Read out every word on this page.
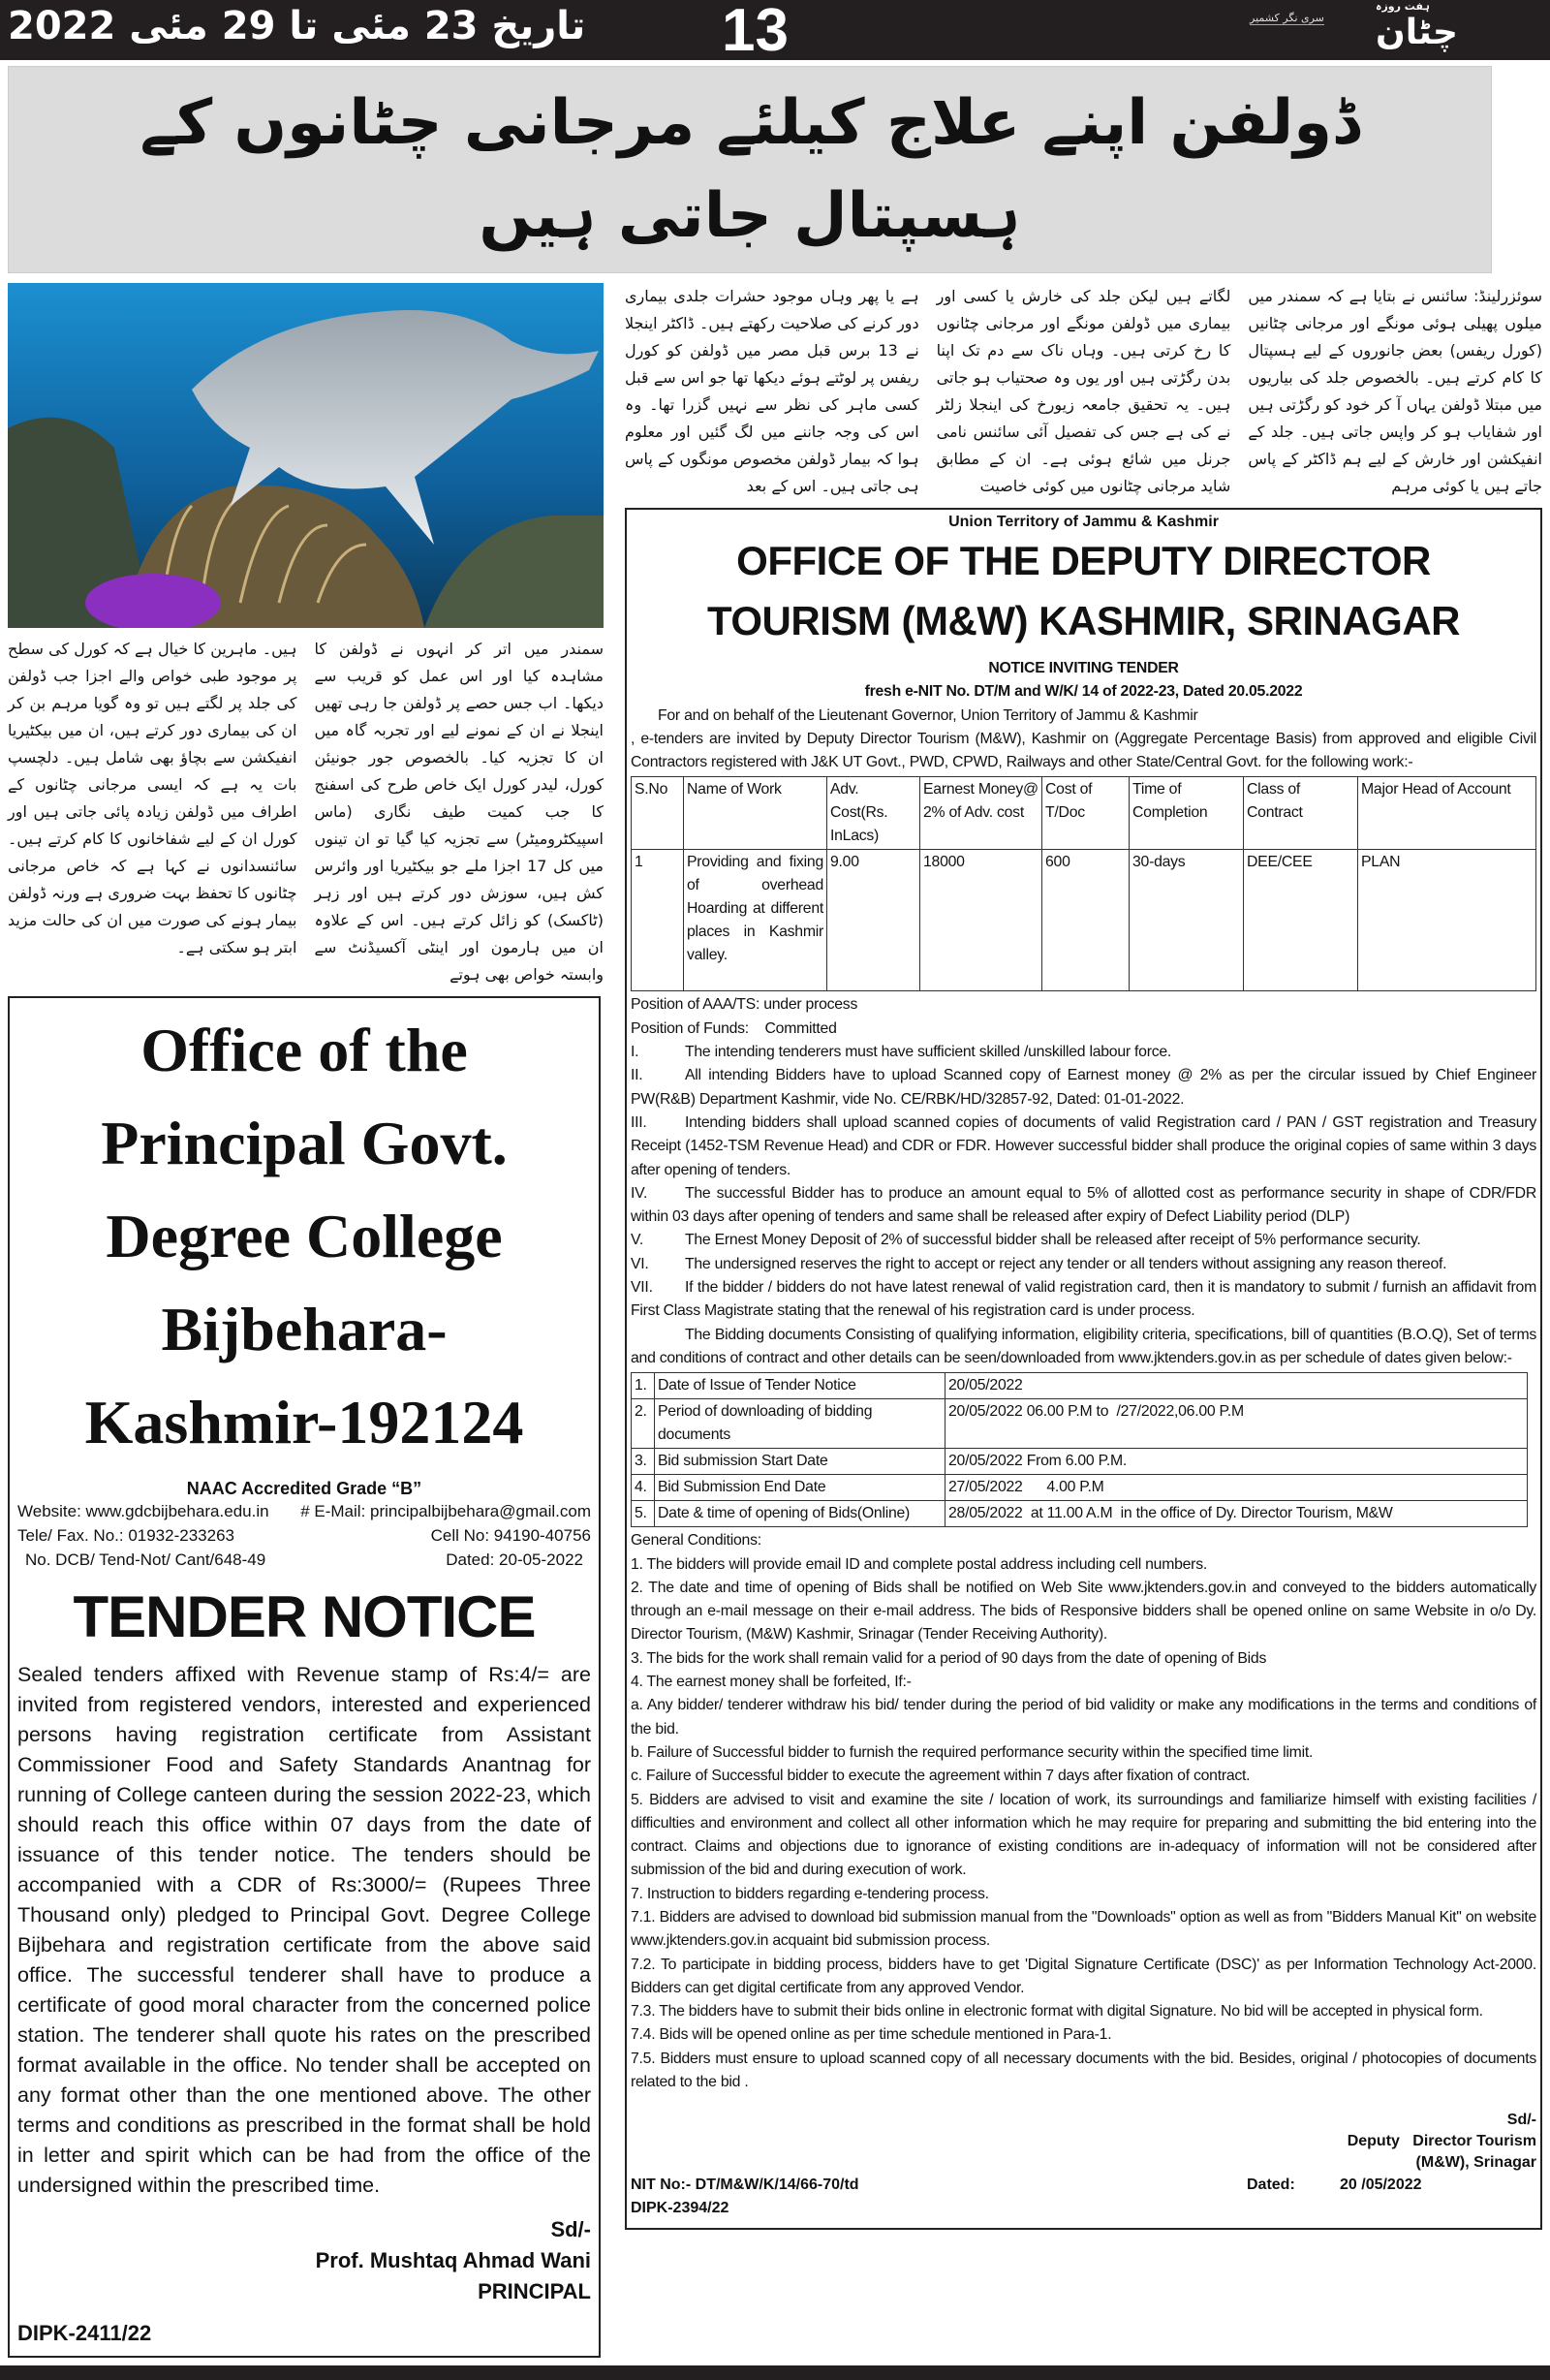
تاریخ 23 مئی تا 29 مئی 2022	13	سری نگر کشمیر
ہفت روزہ
چٹان
ڈولفن اپنے علاج کیلئے مرجانی چٹانوں کے ہسپتال جاتی ہیں
سمندر میں اتر کر انہوں نے ڈولفن کا مشاہدہ کیا اور اس عمل کو قریب سے دیکھا۔ اب جس حصے پر ڈولفن جا رہی تھیں اینجلا نے ان کے نمونے لیے اور تجربہ گاہ میں ان کا تجزیہ کیا۔ بالخصوص جور جونیئن کورل، لیدر کورل ایک خاص طرح کی اسفنج کا جب کمیت طیف نگاری (ماس اسپیکٹرومیٹر) سے تجزیہ کیا گیا تو ان تینوں میں کل 17 اجزا ملے جو بیکٹیریا اور وائرس کش ہیں، سوزش دور کرتے ہیں اور زہر (ٹاکسک) کو زائل کرتے ہیں۔ اس کے علاوہ ان میں ہارمون اور اینٹی آکسیڈنٹ سے وابستہ خواص بھی ہوتے
ہیں۔ ماہرین کا خیال ہے کہ کورل کی سطح پر موجود طبی خواص والے اجزا جب ڈولفن کی جلد پر لگتے ہیں تو وہ گویا مرہم بن کر ان کی بیماری دور کرتے ہیں، ان میں بیکٹیریا انفیکشن سے بچاؤ بھی شامل ہیں۔ دلچسپ بات یہ ہے کہ ایسی مرجانی چٹانوں کے اطراف میں ڈولفن زیادہ پائی جاتی ہیں اور کورل ان کے لیے شفاخانوں کا کام کرتے ہیں۔ سائنسدانوں نے کہا ہے کہ خاص مرجانی چٹانوں کا تحفظ بہت ضروری ہے ورنہ ڈولفن بیمار ہونے کی صورت میں ان کی حالت مزید ابتر ہو سکتی ہے۔
Office of the
Principal Govt.
Degree College
Bijbehara-
Kashmir-192124
NAAC Accredited Grade “B”
Website: www.gdcbijbehara.edu.in # E-Mail: principalbijbehara@gmail.com
Tele/ Fax. No.: 01932-233263	Cell No: 94190-40756
No. DCB/ Tend-Not/ Cant/648-49	Dated: 20-05-2022
TENDER NOTICE
Sealed tenders affixed with Revenue stamp of Rs:4/= are invited from registered vendors, interested and experienced persons having registration certificate from Assistant Commissioner Food and Safety Standards Anantnag for running of College canteen during the session 2022-23, which should reach this office within 07 days from the date of issuance of this tender notice. The tenders should be accompanied with a CDR of Rs:3000/= (Rupees Three Thousand only) pledged to Principal Govt. Degree College Bijbehara and registration certificate from the above said office. The successful tenderer shall have to produce a certificate of good moral character from the concerned police station. The tenderer shall quote his rates on the prescribed format available in the office. No tender shall be accepted on any format other than the one mentioned above. The other terms and conditions as prescribed in the format shall be hold in letter and spirit which can be had from the office of the undersigned within the prescribed time.
Sd/-
Prof. Mushtaq Ahmad Wani
PRINCIPAL
DIPK-2411/22
سوئزرلینڈ: سائنس نے بتایا ہے کہ سمندر میں میلوں پھیلی ہوئی مونگے اور مرجانی چٹانیں (کورل ریفس) بعض جانوروں کے لیے ہسپتال کا کام کرتے ہیں۔ بالخصوص جلد کی بیاریوں میں مبتلا ڈولفن یہاں آ کر خود کو رگڑتی ہیں اور شفایاب ہو کر واپس جاتی ہیں۔ جلد کے انفیکشن اور خارش کے لیے ہم ڈاکٹر کے پاس جاتے ہیں یا کوئی مرہم
لگاتے ہیں لیکن جلد کی خارش یا کسی اور بیماری میں ڈولفن مونگے اور مرجانی چٹانوں کا رخ کرتی ہیں۔ وہاں ناک سے دم تک اپنا بدن رگڑتی ہیں اور یوں وہ صحتیاب ہو جاتی ہیں۔ یہ تحقیق جامعہ زیورخ کی اینجلا زلٹر نے کی ہے جس کی تفصیل آئی سائنس نامی جرنل میں شائع ہوئی ہے۔ ان کے مطابق شاید مرجانی چٹانوں میں کوئی خاصیت
ہے یا پھر وہاں موجود حشرات جلدی بیماری دور کرنے کی صلاحیت رکھتے ہیں۔ ڈاکٹر اینجلا نے 13 برس قبل مصر میں ڈولفن کو کورل ریفس پر لوٹتے ہوئے دیکھا تھا جو اس سے قبل کسی ماہر کی نظر سے نہیں گزرا تھا۔ وہ اس کی وجہ جاننے میں لگ گئیں اور معلوم ہوا کہ بیمار ڈولفن مخصوص مونگوں کے پاس ہی جاتی ہیں۔ اس کے بعد
Union Territory of Jammu & Kashmir
OFFICE OF THE DEPUTY DIRECTOR
TOURISM (M&W) KASHMIR, SRINAGAR

NOTICE INVITING TENDER

fresh e-NIT No. DT/M and W/K/ 14 of 2022-23, Dated 20.05.2022

For and on behalf of the Lieutenant Governor, Union Territory of Jammu & Kashmir

, e-tenders are invited by Deputy Director Tourism (M&W), Kashmir on (Aggregate Percentage Basis) from approved and eligible Civil Contractors registered with J&K UT Govt., PWD, CPWD, Railways and other State/Central Govt. for the following work:-

S.No	Name of Work	Adv. Cost(Rs. InLacs)	Earnest Money@ 2% of Adv. cost	Cost of T/Doc	Time of Completion	Class of Contract	Major Head of Account
1	Providing and fixing of overhead Hoarding at different places in Kashmir valley.	9.00	18000	600	30-days	DEE/CEE	PLAN

Position of AAA/TS: under process

Position of Funds:    Committed

I.	The intending tenderers must have sufficient skilled /unskilled labour force.

II.	All intending Bidders have to upload Scanned copy of Earnest money @ 2% as per the circular issued by Chief Engineer PW(R&B) Department Kashmir, vide No. CE/RBK/HD/32857-92, Dated: 01-01-2022.

III. Intending bidders shall upload scanned copies of documents of valid Registration card / PAN / GST registration and Treasury Receipt (1452-TSM Revenue Head) and CDR or FDR. However successful bidder shall produce the original copies of same within 3 days after opening of tenders.

IV. The successful Bidder has to produce an amount equal to 5% of allotted cost as performance security in shape of CDR/FDR within 03 days after opening of tenders and same shall be released after expiry of Defect Liability period (DLP)

V.	The Ernest Money Deposit of 2% of successful bidder shall be released after receipt of 5% performance security.

VI. The undersigned reserves the right to accept or reject any tender or all tenders without assigning any reason thereof.

VII. If the bidder / bidders do not have latest renewal of valid registration card, then it is mandatory to submit / furnish an affidavit from First Class Magistrate stating that the renewal of his registration card is under process.

The Bidding documents Consisting of qualifying information, eligibility criteria, specifications, bill of quantities (B.O.Q), Set of terms and conditions of contract and other details can be seen/downloaded from www.jktenders.gov.in as per schedule of dates given below:-

1.	Date of Issue of Tender Notice	20/05/2022
2.	Period of downloading of bidding documents	20/05/2022 06.00 P.M to  /27/2022,06.00 P.M
3.	Bid submission Start Date	20/05/2022 From 6.00 P.M.
4.	Bid Submission End Date	27/05/2022      4.00 P.M
5.	Date & time of opening of Bids(Online)	28/05/2022  at 11.00 A.M  in the office of Dy. Director Tourism, M&W

General Conditions:

1. The bidders will provide email ID and complete postal address including cell numbers.

2. The date and time of opening of Bids shall be notified on Web Site www.jktenders.gov.in and conveyed to the bidders automatically through an e-mail message on their e-mail address. The bids of Responsive bidders shall be opened online on same Website in o/o Dy. Director Tourism, (M&W) Kashmir, Srinagar (Tender Receiving Authority).

3. The bids for the work shall remain valid for a period of 90 days from the date of opening of Bids

4. The earnest money shall be forfeited, If:-

a. Any bidder/ tenderer withdraw his bid/ tender during the period of bid validity or make any modifications in the terms and conditions of the bid.

b. Failure of Successful bidder to furnish the required performance security within the specified time limit.

c. Failure of Successful bidder to execute the agreement within 7 days after fixation of contract.

5. Bidders are advised to visit and examine the site / location of work, its surroundings and familiarize himself with existing facilities / difficulties and environment and collect all other information which he may require for preparing and submitting the bid entering into the contract. Claims and objections due to ignorance of existing conditions are in-adequacy of information will not be considered after submission of the bid and during execution of work.

7. Instruction to bidders regarding e-tendering process.

7.1. Bidders are advised to download bid submission manual from the "Downloads" option as well as from "Bidders Manual Kit" on website www.jktenders.gov.in acquaint bid submission process.

7.2. To participate in bidding process, bidders have to get 'Digital Signature Certificate (DSC)' as per Information Technology Act-2000. Bidders can get digital certificate from any approved Vendor.

7.3. The bidders have to submit their bids online in electronic format with digital Signature. No bid will be accepted in physical form.

7.4. Bids will be opened online as per time schedule mentioned in Para-1.

7.5. Bidders must ensure to upload scanned copy of all necessary documents with the bid. Besides, original / photocopies of documents related to the bid .

Sd/-
Deputy   Director Tourism
(M&W), Srinagar
NIT No:- DT/M&W/K/14/66-70/td	Dated:	20 /05/2022
DIPK-2394/22
